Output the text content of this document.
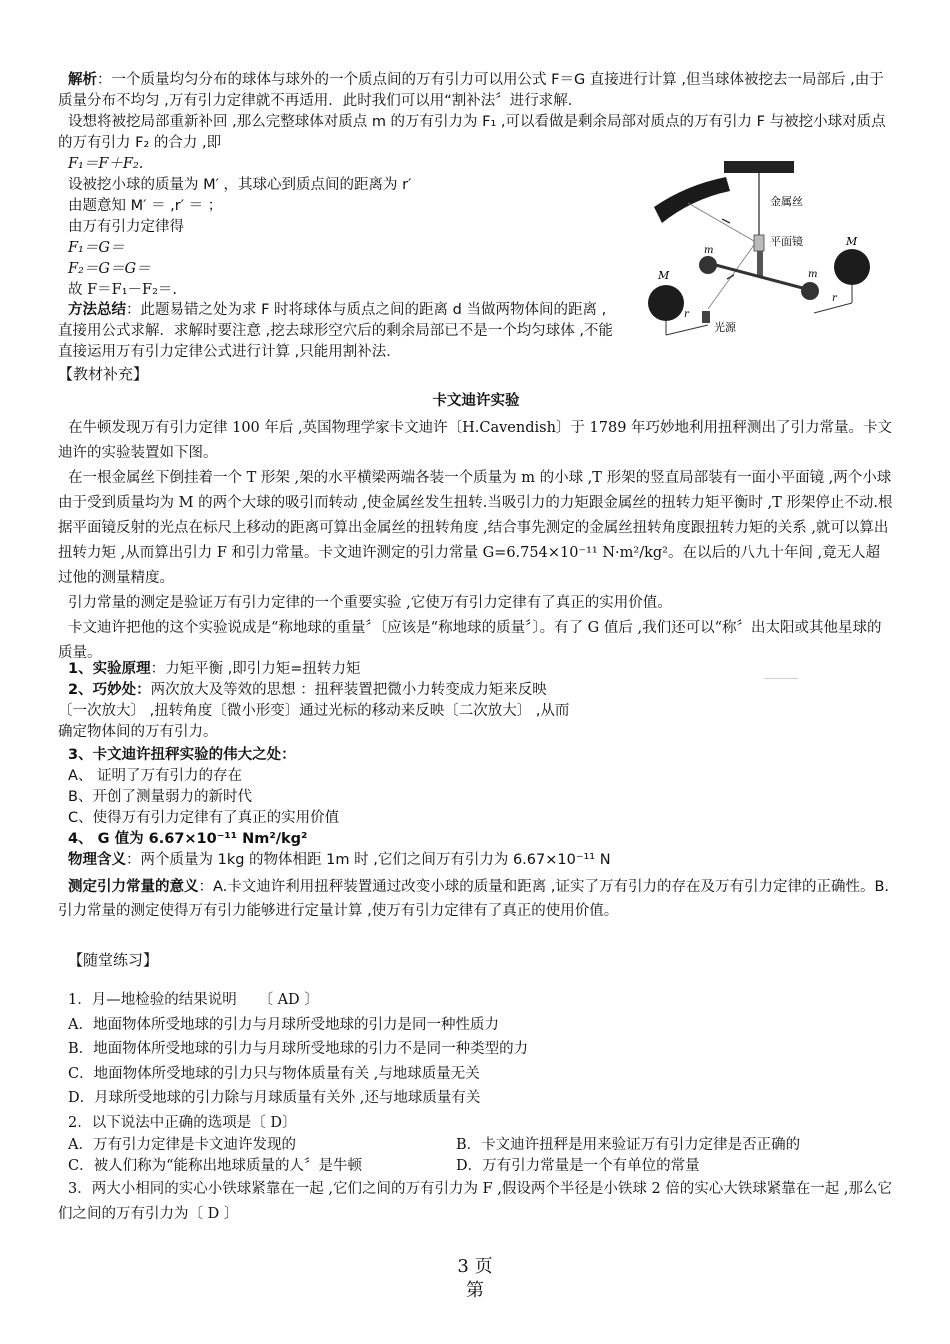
解析：一个质量均匀分布的球体与球外的一个质点间的万有引力可以用公式 F＝G 直接进行计算 ,但当球体被挖去一局部后 ,由于质量分布不均匀 ,万有引力定律就不再适用．此时我们可以用“割补法〞进行求解．

设想将被挖局部重新补回 ,那么完整球体对质点 m 的万有引力为 F₁ ,可以看做是剩余局部对质点的万有引力 F 与被挖小球对质点的万有引力 F₂ 的合力 ,即

F₁＝F＋F₂.

设被挖小球的质量为 M′ ，其球心到质点间的距离为 r′

由题意知 M′ ＝ ,r′ ＝ ；

由万有引力定律得

F₁＝G＝

F₂＝G＝G＝

故 F＝F₁－F₂＝.

方法总结：此题易错之处为求 F 时将球体与质点之间的距离 d 当做两物体间的距离 ,直接用公式求解．求解时要注意 ,挖去球形空穴后的剩余局部已不是一个均匀球体 ,不能直接运用万有引力定律公式进行计算 ,只能用割补法．

金属丝
平面镜
光源
M
M
m
m
r
r

【教材补充】

卡文迪许实验

在牛顿发现万有引力定律 100 年后 ,英国物理学家卡文迪许〔H.Cavendish〕于 1789 年巧妙地利用扭秤测出了引力常量。卡文迪许的实验装置如下图。

在一根金属丝下倒挂着一个 T 形架 ,架的水平横梁两端各装一个质量为 m 的小球 ,T 形架的竖直局部装有一面小平面镜 ,两个小球由于受到质量均为 M 的两个大球的吸引而转动 ,使金属丝发生扭转.当吸引力的力矩跟金属丝的扭转力矩平衡时 ,T 形架停止不动.根据平面镜反射的光点在标尺上移动的距离可算出金属丝的扭转角度 ,结合事先测定的金属丝扭转角度跟扭转力矩的关系 ,就可以算出扭转力矩 ,从而算出引力 F 和引力常量。卡文迪许测定的引力常量 G=6.754×10⁻¹¹ N·m²/kg²。在以后的八九十年间 ,竟无人超过他的测量精度。

引力常量的测定是验证万有引力定律的一个重要实验 ,它使万有引力定律有了真正的实用价值。

卡文迪许把他的这个实验说成是“称地球的重量〞〔应该是“称地球的质量〞〕。有了 G 值后 ,我们还可以“称〞出太阳或其他星球的质量。

1、实验原理：力矩平衡 ,即引力矩=扭转力矩

2、巧妙处：两次放大及等效的思想 ：扭秤装置把微小力转变成力矩来反映

〔一次放大〕 ,扭转角度〔微小形变〕通过光标的移动来反映〔二次放大〕 ,从而

确定物体间的万有引力。

3、卡文迪许扭秤实验的伟大之处：

A、 证明了万有引力的存在

B、开创了测量弱力的新时代

C、使得万有引力定律有了真正的实用价值

4、 G 值为 6.67×10⁻¹¹ Nm²/kg²

物理含义：两个质量为 1kg 的物体相距 1m 时 ,它们之间万有引力为 6.67×10⁻¹¹ N

测定引力常量的意义：A.卡文迪许利用扭秤装置通过改变小球的质量和距离 ,证实了万有引力的存在及万有引力定律的正确性。B.引力常量的测定使得万有引力能够进行定量计算 ,使万有引力定律有了真正的使用价值。

【随堂练习】

1．月—地检验的结果说明　　〔 AD 〕

A．地面物体所受地球的引力与月球所受地球的引力是同一种性质力

B．地面物体所受地球的引力与月球所受地球的引力不是同一种类型的力

C．地面物体所受地球的引力只与物体质量有关 ,与地球质量无关

D．月球所受地球的引力除与月球质量有关外 ,还与地球质量有关

2．以下说法中正确的选项是〔 D〕

A．万有引力定律是卡文迪许发现的	B．卡文迪许扭秤是用来验证万有引力定律是否正确的
C．被人们称为“能称出地球质量的人〞是牛顿	D．万有引力常量是一个有单位的常量

3．两大小相同的实心小铁球紧靠在一起 ,它们之间的万有引力为 F ,假设两个半径是小铁球 2 倍的实心大铁球紧靠在一起 ,那么它们之间的万有引力为〔 D 〕

3 页
第
